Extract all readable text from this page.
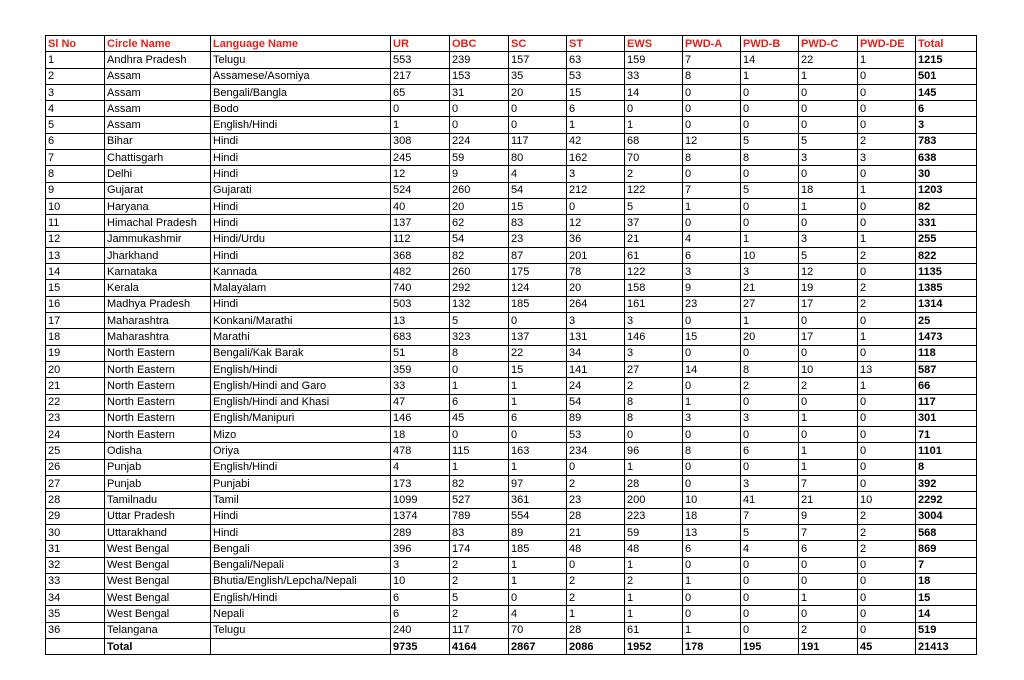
Sl No	Circle Name	Language Name	UR	OBC	SC	ST	EWS	PWD-A	PWD-B	PWD-C	PWD-DE	Total
1	Andhra Pradesh	Telugu	553	239	157	63	159	7	14	22	1	1215
2	Assam	Assamese/Asomiya	217	153	35	53	33	8	1	1	0	501
3	Assam	Bengali/Bangla	65	31	20	15	14	0	0	0	0	145
4	Assam	Bodo	0	0	0	6	0	0	0	0	0	6
5	Assam	English/Hindi	1	0	0	1	1	0	0	0	0	3
6	Bihar	Hindi	308	224	117	42	68	12	5	5	2	783
7	Chattisgarh	Hindi	245	59	80	162	70	8	8	3	3	638
8	Delhi	Hindi	12	9	4	3	2	0	0	0	0	30
9	Gujarat	Gujarati	524	260	54	212	122	7	5	18	1	1203
10	Haryana	Hindi	40	20	15	0	5	1	0	1	0	82
11	Himachal Pradesh	Hindi	137	62	83	12	37	0	0	0	0	331
12	Jammukashmir	Hindi/Urdu	112	54	23	36	21	4	1	3	1	255
13	Jharkhand	Hindi	368	82	87	201	61	6	10	5	2	822
14	Karnataka	Kannada	482	260	175	78	122	3	3	12	0	1135
15	Kerala	Malayalam	740	292	124	20	158	9	21	19	2	1385
16	Madhya Pradesh	Hindi	503	132	185	264	161	23	27	17	2	1314
17	Maharashtra	Konkani/Marathi	13	5	0	3	3	0	1	0	0	25
18	Maharashtra	Marathi	683	323	137	131	146	15	20	17	1	1473
19	North Eastern	Bengali/Kak Barak	51	8	22	34	3	0	0	0	0	118
20	North Eastern	English/Hindi	359	0	15	141	27	14	8	10	13	587
21	North Eastern	English/Hindi and Garo	33	1	1	24	2	0	2	2	1	66
22	North Eastern	English/Hindi and Khasi	47	6	1	54	8	1	0	0	0	117
23	North Eastern	English/Manipuri	146	45	6	89	8	3	3	1	0	301
24	North Eastern	Mizo	18	0	0	53	0	0	0	0	0	71
25	Odisha	Oriya	478	115	163	234	96	8	6	1	0	1101
26	Punjab	English/Hindi	4	1	1	0	1	0	0	1	0	8
27	Punjab	Punjabi	173	82	97	2	28	0	3	7	0	392
28	Tamilnadu	Tamil	1099	527	361	23	200	10	41	21	10	2292
29	Uttar Pradesh	Hindi	1374	789	554	28	223	18	7	9	2	3004
30	Uttarakhand	Hindi	289	83	89	21	59	13	5	7	2	568
31	West Bengal	Bengali	396	174	185	48	48	6	4	6	2	869
32	West Bengal	Bengali/Nepali	3	2	1	0	1	0	0	0	0	7
33	West Bengal	Bhutia/English/Lepcha/Nepali	10	2	1	2	2	1	0	0	0	18
34	West Bengal	English/Hindi	6	5	0	2	1	0	0	1	0	15
35	West Bengal	Nepali	6	2	4	1	1	0	0	0	0	14
36	Telangana	Telugu	240	117	70	28	61	1	0	2	0	519
	Total		9735	4164	2867	2086	1952	178	195	191	45	21413
